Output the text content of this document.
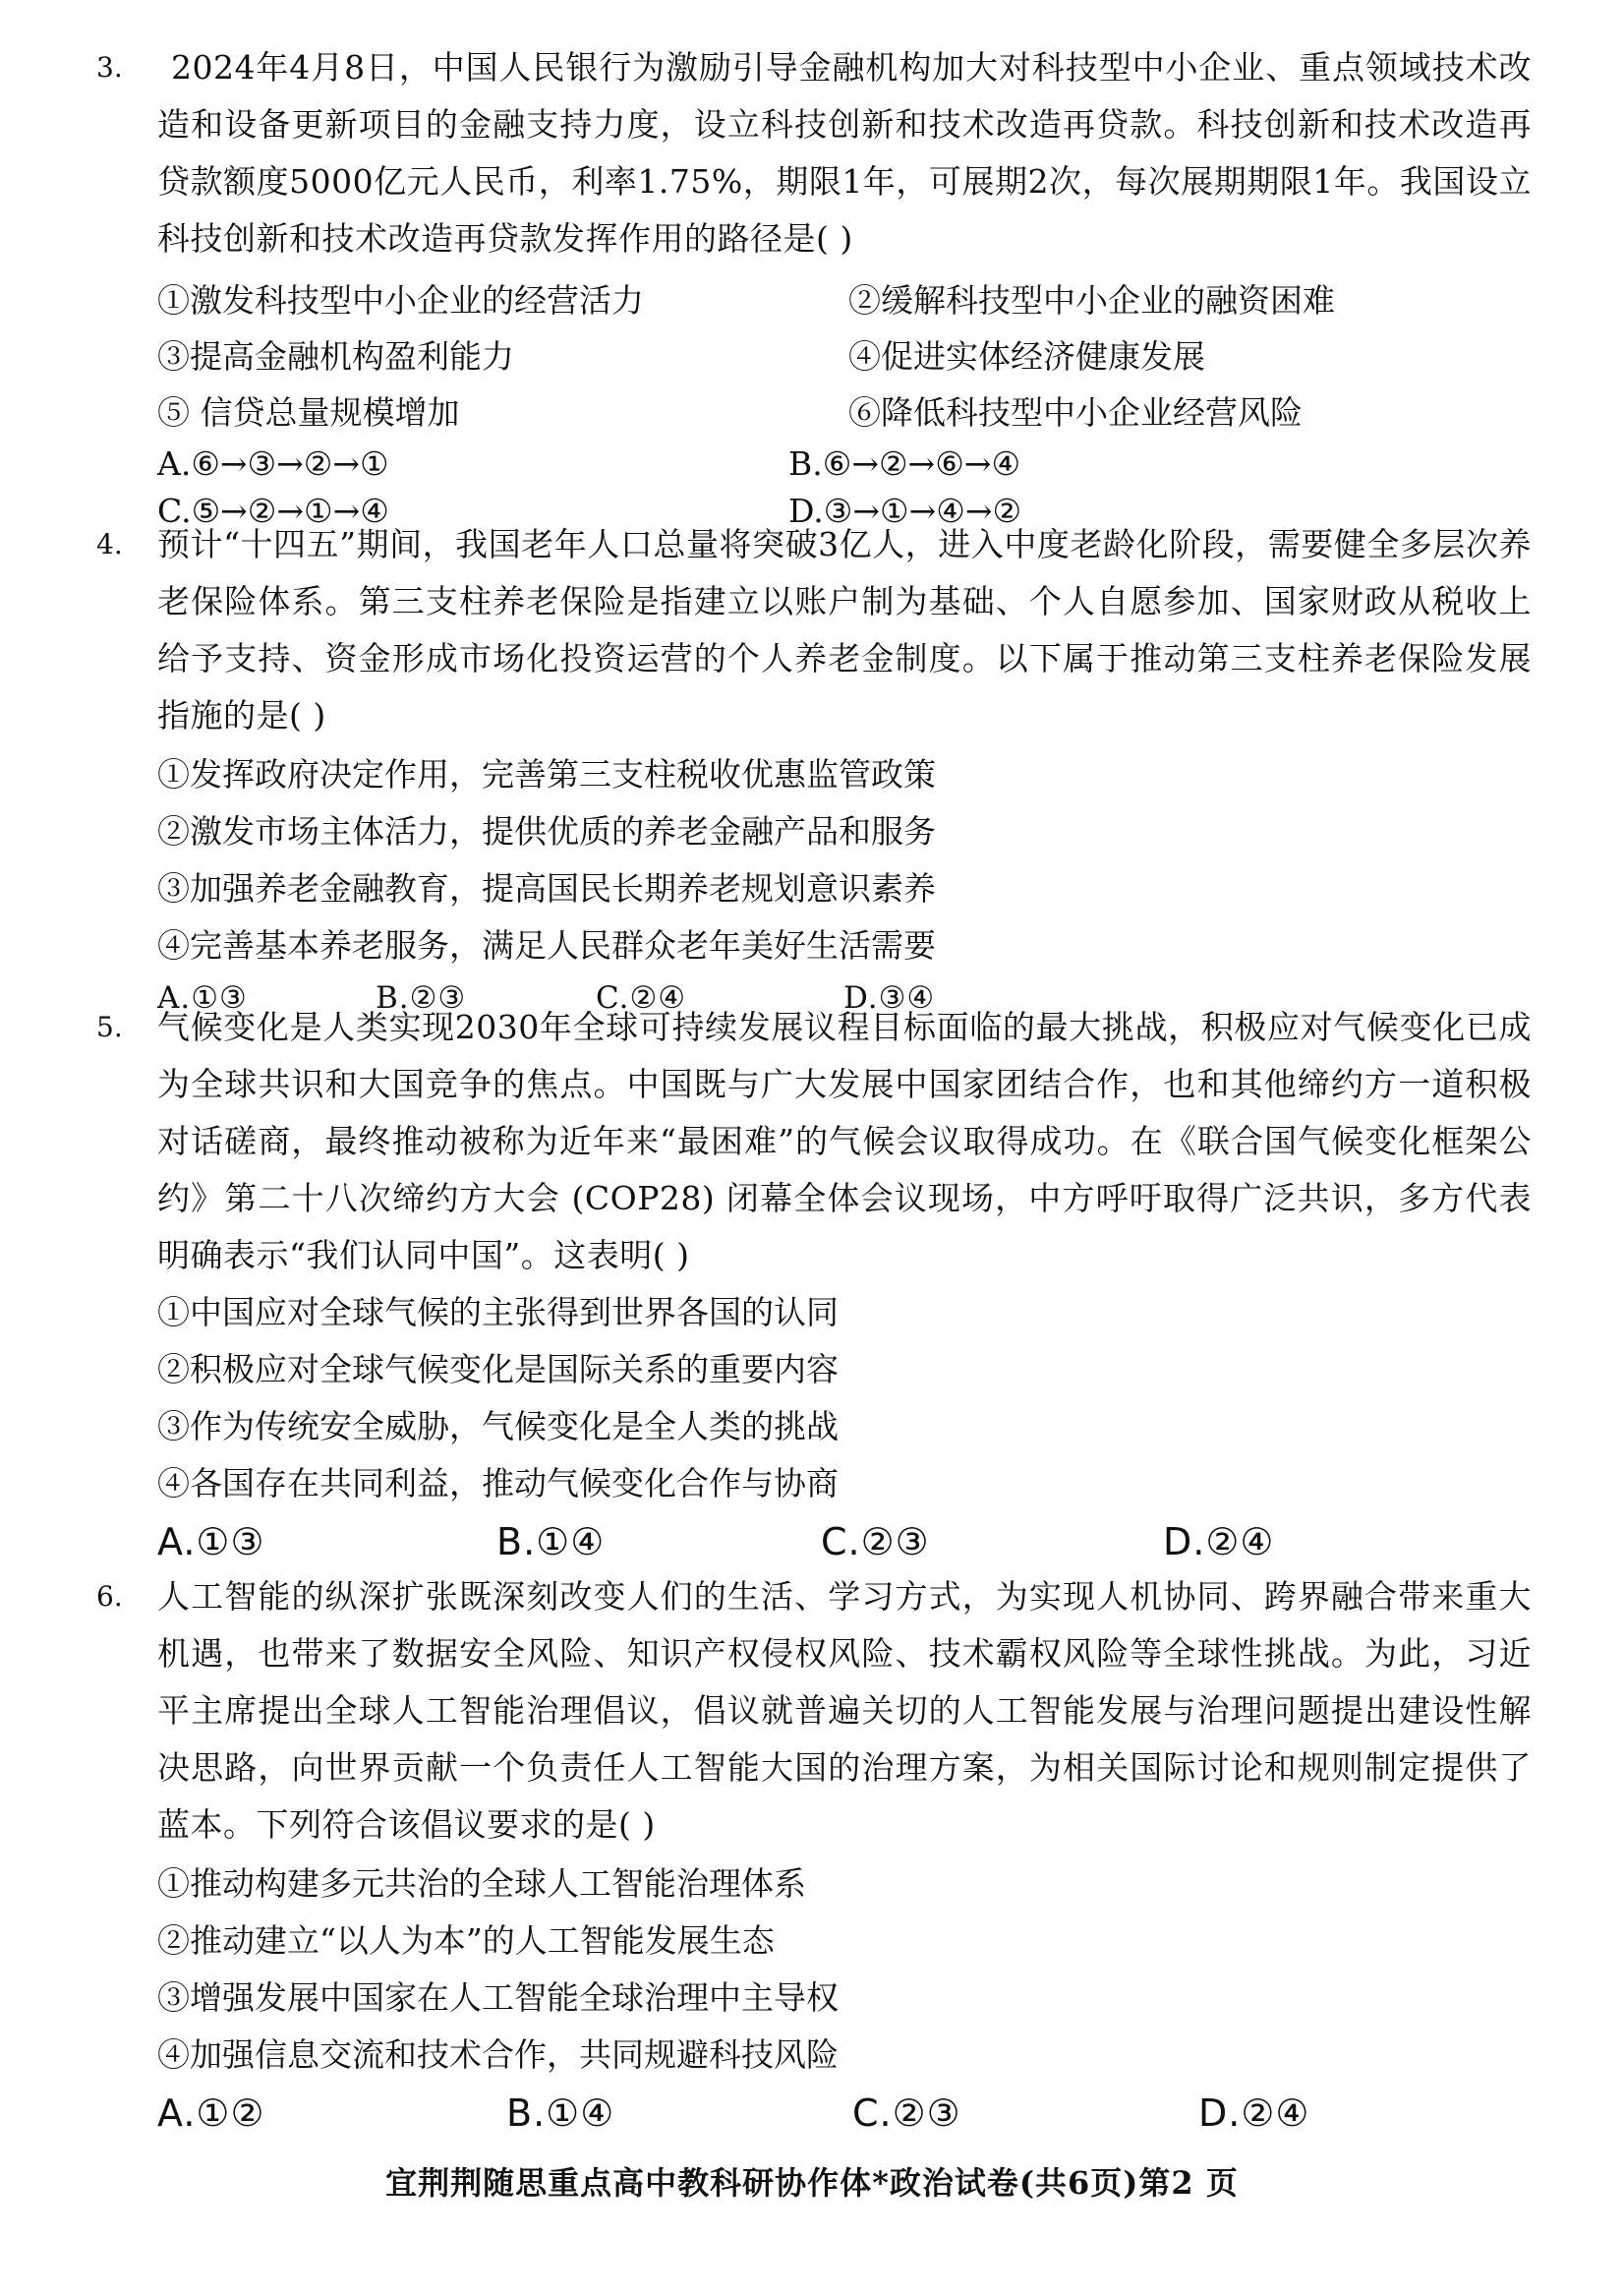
3.	2024年4月8日，中国人民银行为激励引导金融机构加大对科技型中小企业、重点领域技术改造和设备更新项目的金融支持力度，设立科技创新和技术改造再贷款。科技创新和技术改造再贷款额度5000亿元人民币，利率1.75%，期限1年，可展期2次，每次展期期限1年。我国设立科技创新和技术改造再贷款发挥作用的路径是( )
①激发科技型中小企业的经营活力	②缓解科技型中小企业的融资困难
③提高金融机构盈利能力	④促进实体经济健康发展
⑤ 信贷总量规模增加	⑥降低科技型中小企业经营风险
A.⑥→③→②→①	B.⑥→②→⑥→④
C.⑤→②→①→④	D.③→①→④→②
4. 预计“十四五”期间，我国老年人口总量将突破3亿人，进入中度老龄化阶段，需要健全多层次养老保险体系。第三支柱养老保险是指建立以账户制为基础、个人自愿参加、国家财政从税收上给予支持、资金形成市场化投资运营的个人养老金制度。以下属于推动第三支柱养老保险发展指施的是( )
①发挥政府决定作用，完善第三支柱税收优惠监管政策
②激发市场主体活力，提供优质的养老金融产品和服务
③加强养老金融教育，提高国民长期养老规划意识素养
④完善基本养老服务，满足人民群众老年美好生活需要
A.①③	B.②③	C.②④	D.③④
5. 气候变化是人类实现2030年全球可持续发展议程目标面临的最大挑战，积极应对气候变化已成为全球共识和大国竞争的焦点。中国既与广大发展中国家团结合作，也和其他缔约方一道积极对话磋商，最终推动被称为近年来“最困难”的气候会议取得成功。在《联合国气候变化框架公约》第二十八次缔约方大会 (COP28) 闭幕全体会议现场，中方呼吁取得广泛共识，多方代表明确表示“我们认同中国”。这表明( )
①中国应对全球气候的主张得到世界各国的认同
②积极应对全球气候变化是国际关系的重要内容
③作为传统安全威胁，气候变化是全人类的挑战
④各国存在共同利益，推动气候变化合作与协商
A.①③	B.①④	C.②③	D.②④
6. 人工智能的纵深扩张既深刻改变人们的生活、学习方式，为实现人机协同、跨界融合带来重大机遇，也带来了数据安全风险、知识产权侵权风险、技术霸权风险等全球性挑战。为此，习近平主席提出全球人工智能治理倡议，倡议就普遍关切的人工智能发展与治理问题提出建设性解决思路，向世界贡献一个负责任人工智能大国的治理方案，为相关国际讨论和规则制定提供了蓝本。下列符合该倡议要求的是( )
①推动构建多元共治的全球人工智能治理体系
②推动建立“以人为本”的人工智能发展生态
③增强发展中国家在人工智能全球治理中主导权
④加强信息交流和技术合作，共同规避科技风险
A.①②	B.①④	C.②③	D.②④
宜荆荆随思重点高中教科研协作体*政治试卷(共6页)第2 页
